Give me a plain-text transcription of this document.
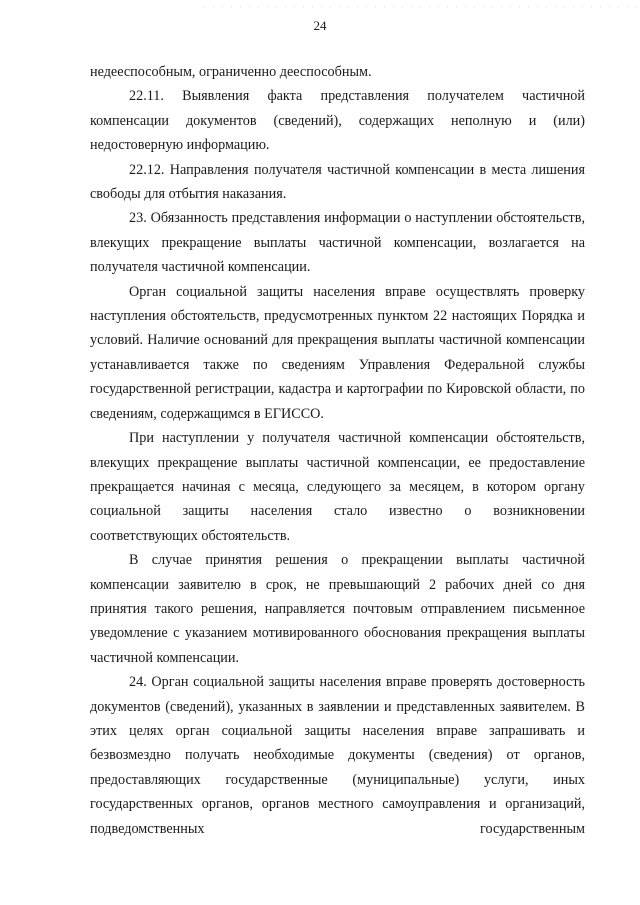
24

недееспособным, ограниченно дееспособным.

22.11. Выявления факта представления получателем частичной компенсации документов (сведений), содержащих неполную и (или) недостоверную информацию.

22.12. Направления получателя частичной компенсации в места лишения свободы для отбытия наказания.

23. Обязанность представления информации о наступлении обстоятельств, влекущих прекращение выплаты частичной компенсации, возлагается на получателя частичной компенсации.

Орган социальной защиты населения вправе осуществлять проверку наступления обстоятельств, предусмотренных пунктом 22 настоящих Порядка и условий. Наличие оснований для прекращения выплаты частичной компенсации устанавливается также по сведениям Управления Федеральной службы государственной регистрации, кадастра и картографии по Кировской области, по сведениям, содержащимся в ЕГИССО.

При наступлении у получателя частичной компенсации обстоятельств, влекущих прекращение выплаты частичной компенсации, ее предоставление прекращается начиная с месяца, следующего за месяцем, в котором органу социальной защиты населения стало известно о возникновении соответствующих обстоятельств.

В случае принятия решения о прекращении выплаты частичной компенсации заявителю в срок, не превышающий 2 рабочих дней со дня принятия такого решения, направляется почтовым отправлением письменное уведомление с указанием мотивированного обоснования прекращения выплаты частичной компенсации.

24. Орган социальной защиты населения вправе проверять достоверность документов (сведений), указанных в заявлении и представленных заявителем. В этих целях орган социальной защиты населения вправе запрашивать и безвозмездно получать необходимые документы (сведения) от органов, предоставляющих государственные (муниципальные) услуги, иных государственных органов, органов местного самоуправления и организаций, подведомственных государственным
